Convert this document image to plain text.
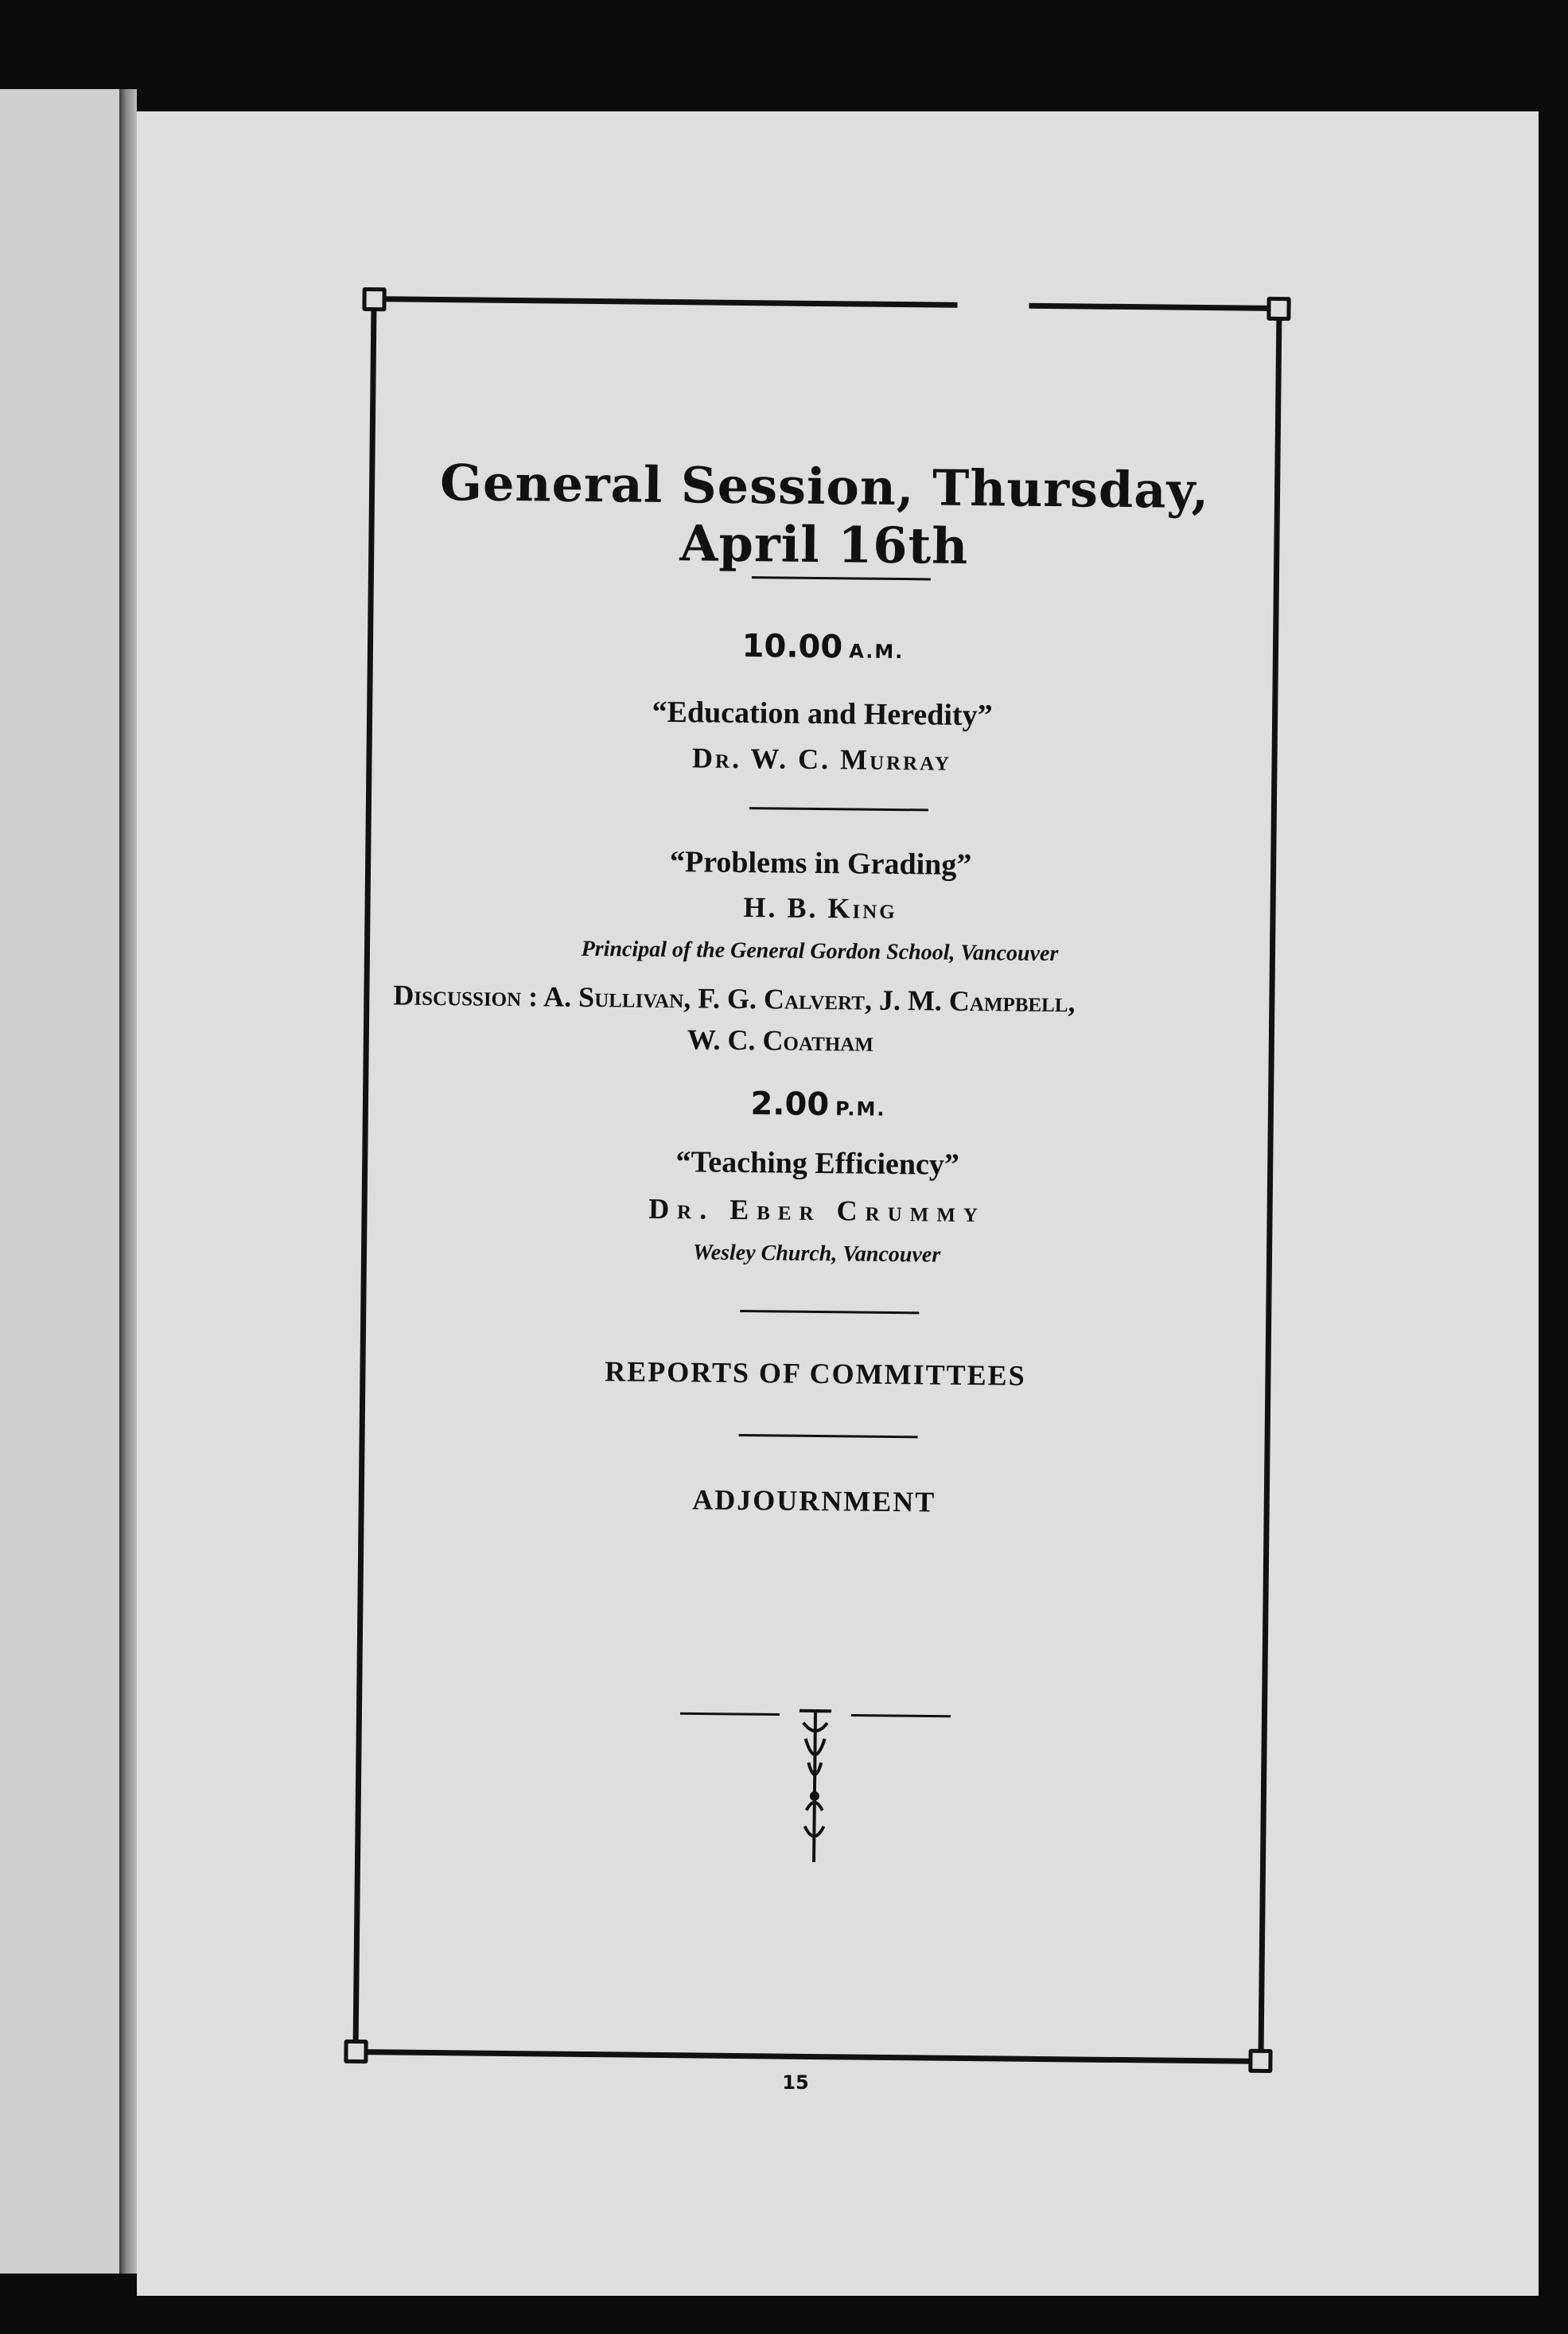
General Session, Thursday, April 16th
10.00 A.M.
“Education and Heredity”
Dr. W. C. Murray
“Problems in Grading”
H. B. King
Principal of the General Gordon School, Vancouver
Discussion : A. Sullivan, F. G. Calvert, J. M. Campbell,
W. C. Coatham
2.00 P.M.
“Teaching Efficiency”
Dr. Eber Crummy
Wesley Church, Vancouver
REPORTS OF COMMITTEES
ADJOURNMENT
15
